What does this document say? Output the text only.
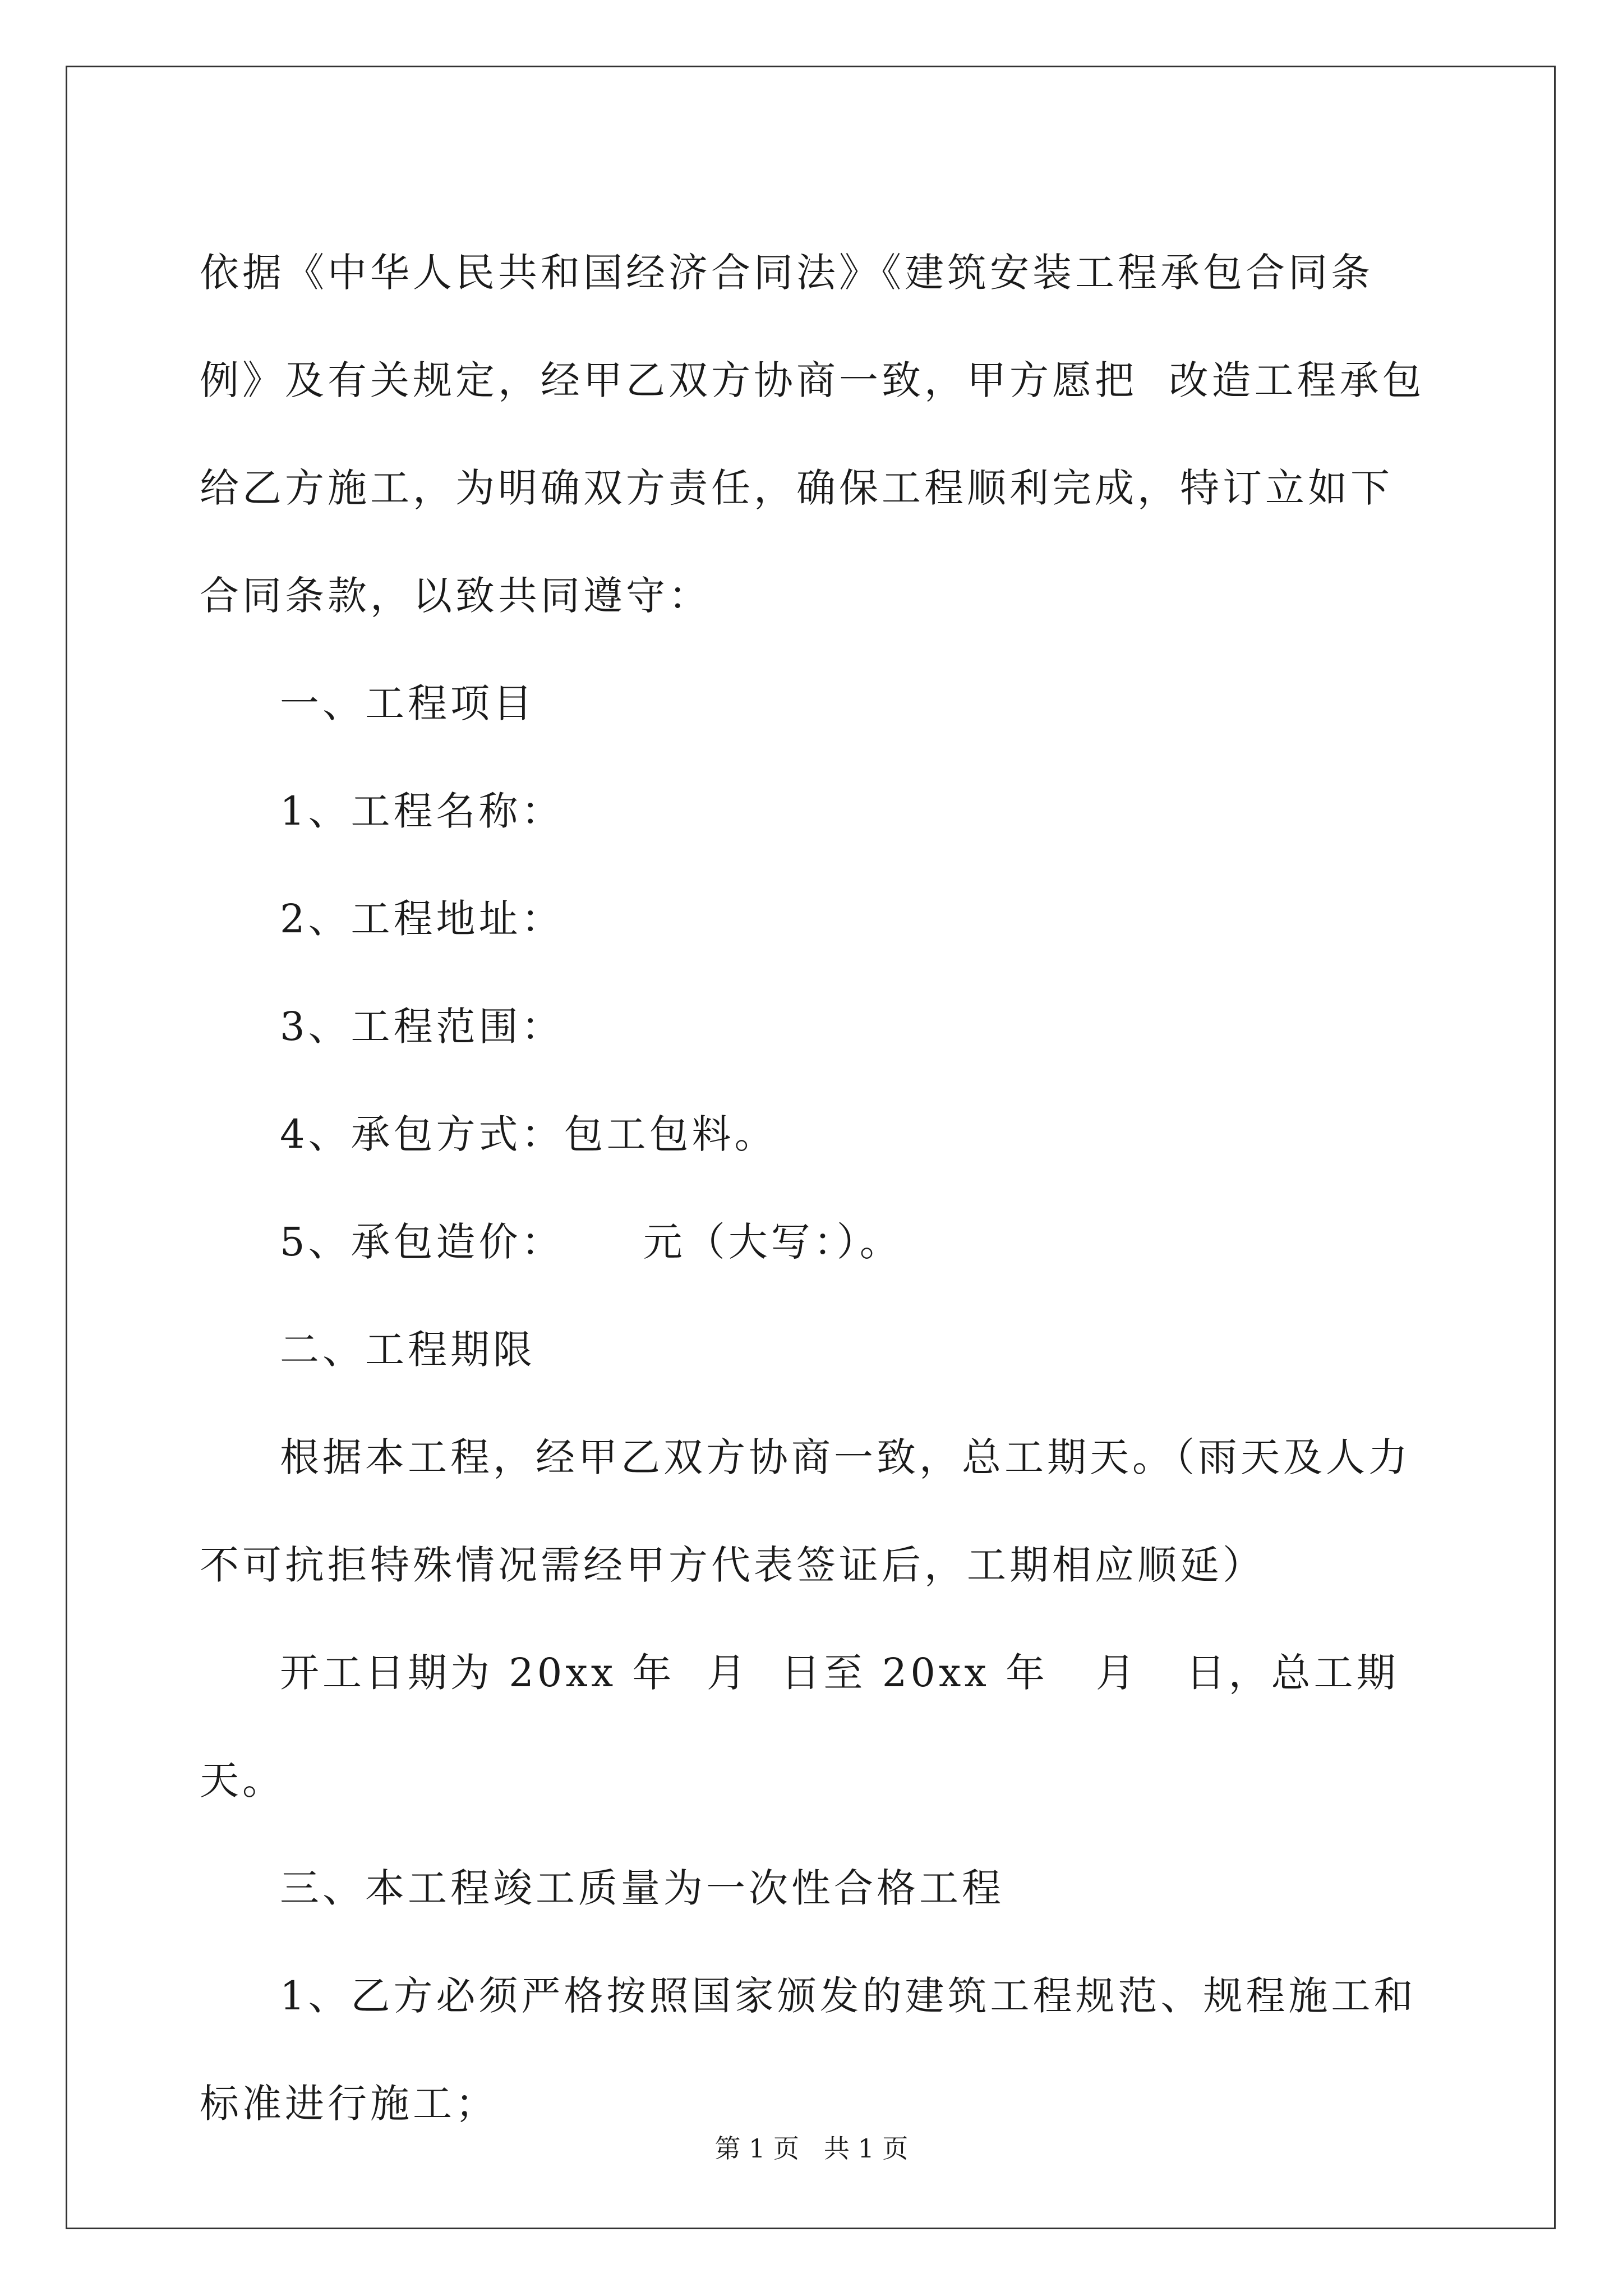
依据《中华人民共和国经济合同法》《建筑安装工程承包合同条例》及有关规定，经甲乙双方协商一致，甲方愿把  改造工程承包给乙方施工，为明确双方责任，确保工程顺利完成，特订立如下合同条款，以致共同遵守：

一、工程项目

1、工程名称：

2、工程地址：

3、工程范围：

4、承包方式：包工包料。

5、承包造价：     元（大写：）。

二、工程期限

根据本工程，经甲乙双方协商一致，总工期天。（雨天及人力不可抗拒特殊情况需经甲方代表签证后，工期相应顺延）

开工日期为 20xx 年  月  日至 20xx 年   月   日，总工期   天。

三、本工程竣工质量为一次性合格工程

1、乙方必须严格按照国家颁发的建筑工程规范、规程施工和标准进行施工；

第 1 页   共 1 页
